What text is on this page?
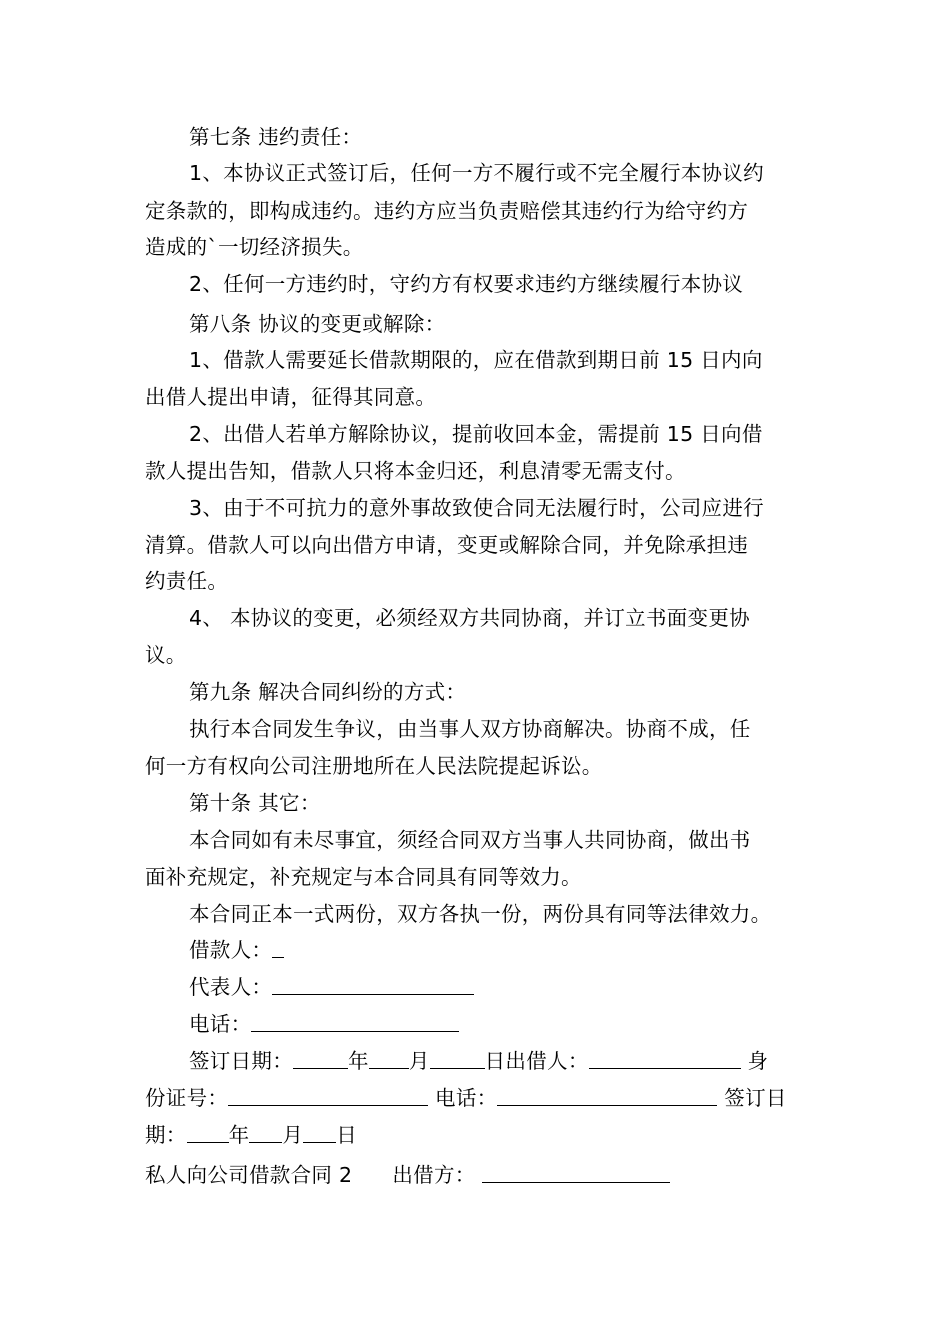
第七条 违约责任：
1、本协议正式签订后，任何一方不履行或不完全履行本协议约
定条款的，即构成违约。违约方应当负责赔偿其违约行为给守约方
造成的`一切经济损失。
2、任何一方违约时，守约方有权要求违约方继续履行本协议
第八条 协议的变更或解除：
1、借款人需要延长借款期限的，应在借款到期日前 15 日内向
出借人提出申请，征得其同意。
2、出借人若单方解除协议，提前收回本金，需提前 15 日向借
款人提出告知，借款人只将本金归还，利息清零无需支付。
3、由于不可抗力的意外事故致使合同无法履行时，公司应进行
清算。借款人可以向出借方申请，变更或解除合同，并免除承担违
约责任。
4、 本协议的变更，必须经双方共同协商，并订立书面变更协
议。
第九条 解决合同纠纷的方式：
执行本合同发生争议，由当事人双方协商解决。协商不成，任
何一方有权向公司注册地所在人民法院提起诉讼。
第十条 其它：
本合同如有未尽事宜，须经合同双方当事人共同协商，做出书
面补充规定，补充规定与本合同具有同等效力。
本合同正本一式两份，双方各执一份，两份具有同等法律效力。
借款人：
代表人：
电话：
签订日期：	年 月	日出借人：	身
份证号：	电话：	签订日
期： 年 月 日
私人向公司借款合同 2 出借方：
